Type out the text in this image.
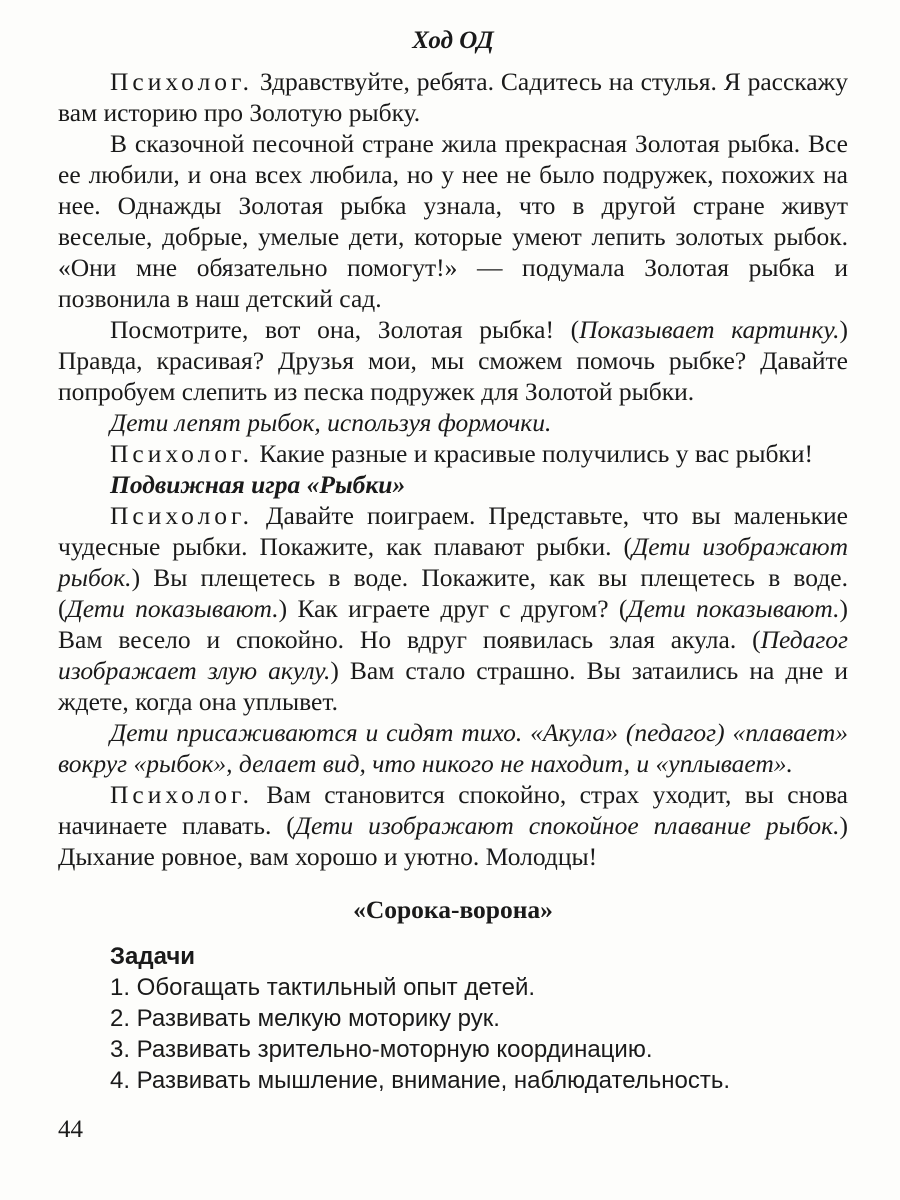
Ход ОД

Психолог. Здравствуйте, ребята. Садитесь на стулья. Я расскажу вам историю про Золотую рыбку.

В сказочной песочной стране жила прекрасная Золотая рыбка. Все ее любили, и она всех любила, но у нее не было подружек, похожих на нее. Однажды Золотая рыбка узнала, что в другой стране живут веселые, добрые, умелые дети, которые умеют лепить золотых рыбок. «Они мне обязательно помогут!» — подумала Золотая рыбка и позвонила в наш детский сад.

Посмотрите, вот она, Золотая рыбка! (Показывает картинку.) Правда, красивая? Друзья мои, мы сможем помочь рыбке? Давайте попробуем слепить из песка подружек для Золотой рыбки.

Дети лепят рыбок, используя формочки.

Психолог. Какие разные и красивые получились у вас рыбки!

Подвижная игра «Рыбки»

Психолог. Давайте поиграем. Представьте, что вы маленькие чудесные рыбки. Покажите, как плавают рыбки. (Дети изображают рыбок.) Вы плещетесь в воде. Покажите, как вы плещетесь в воде. (Дети показывают.) Как играете друг с другом? (Дети показывают.) Вам весело и спокойно. Но вдруг появилась злая акула. (Педагог изображает злую акулу.) Вам стало страшно. Вы затаились на дне и ждете, когда она уплывет.

Дети присаживаются и сидят тихо. «Акула» (педагог) «плавает» вокруг «рыбок», делает вид, что никого не находит, и «уплывает».

Психолог. Вам становится спокойно, страх уходит, вы снова начинаете плавать. (Дети изображают спокойное плавание рыбок.) Дыхание ровное, вам хорошо и уютно. Молодцы!

«Сорока-ворона»
Задачи
1. Обогащать тактильный опыт детей.
2. Развивать мелкую моторику рук.
3. Развивать зрительно-моторную координацию.
4. Развивать мышление, внимание, наблюдательность.
44
